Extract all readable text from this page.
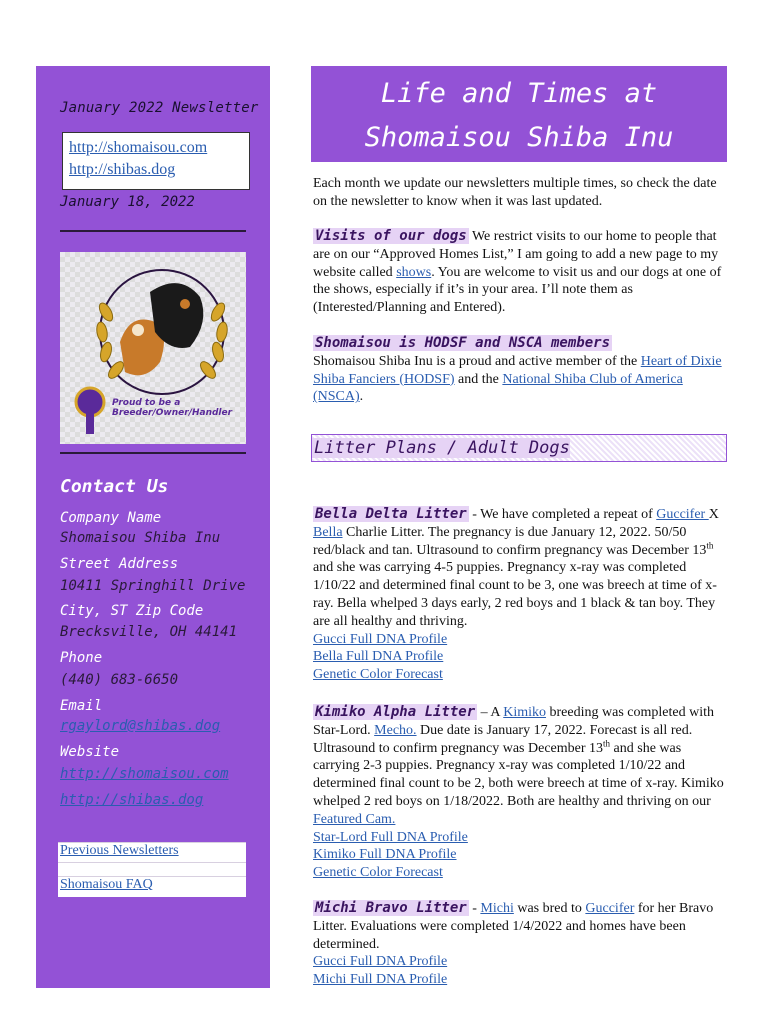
January 2022 Newsletter
http://shomaisou.com
http://shibas.dog
January 18, 2022
Proud to be a Breeder/Owner/Handler
Contact Us
Company Name
Shomaisou Shiba Inu
Street Address
10411 Springhill Drive
City, ST Zip Code
Brecksville, OH 44141
Phone
(440) 683-6650
Email
rgaylord@shibas.dog
Website
http://shomaisou.com
http://shibas.dog
Previous Newsletters
Shomaisou FAQ
Life and Times at
Shomaisou Shiba Inu
Each month we update our newsletters multiple times, so check the date on the newsletter to know when it was last updated.
Visits of our dogs We restrict visits to our home to people that are on our “Approved Homes List,” I am going to add a new page to my website called shows. You are welcome to visit us and our dogs at one of the shows, especially if it’s in your area. I’ll note them as (Interested/Planning and Entered).
Shomaisou is HODSF and NSCA members
Shomaisou Shiba Inu is a proud and active member of the Heart of Dixie Shiba Fanciers (HODSF) and the National Shiba Club of America (NSCA).
Litter Plans / Adult Dogs
Bella Delta Litter - We have completed a repeat of Guccifer X Bella Charlie Litter. The pregnancy is due January 12, 2022. 50/50 red/black and tan. Ultrasound to confirm pregnancy was December 13th and she was carrying 4-5 puppies. Pregnancy x-ray was completed 1/10/22 and determined final count to be 3, one was breech at time of x-ray. Bella whelped 3 days early, 2 red boys and 1 black & tan boy. They are all healthy and thriving.
Gucci Full DNA Profile
Bella Full DNA Profile
Genetic Color Forecast
Kimiko Alpha Litter – A Kimiko breeding was completed with Star-Lord. Mecho. Due date is January 17, 2022. Forecast is all red. Ultrasound to confirm pregnancy was December 13th and she was carrying 2-3 puppies. Pregnancy x-ray was completed 1/10/22 and determined final count to be 2, both were breech at time of x-ray. Kimiko whelped 2 red boys on 1/18/2022. Both are healthy and thriving on our Featured Cam.
Star-Lord Full DNA Profile
Kimiko Full DNA Profile
Genetic Color Forecast
Michi Bravo Litter - Michi was bred to Guccifer for her Bravo Litter. Evaluations were completed 1/4/2022 and homes have been determined.
Gucci Full DNA Profile
Michi Full DNA Profile
